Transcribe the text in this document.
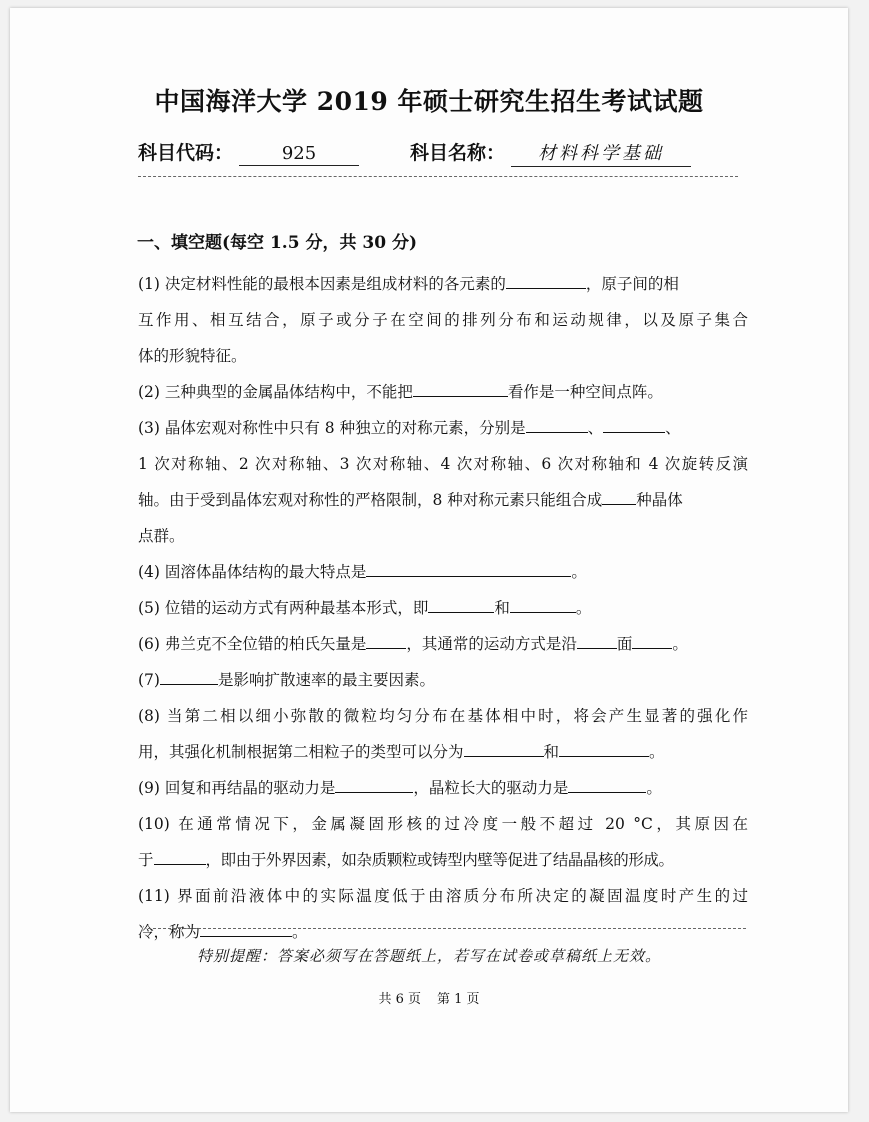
中国海洋大学 2019 年硕士研究生招生考试试题
科目代码：	925	科目名称： 材料科学基础
一、填空题(每空 1.5 分，共 30 分)
(1) 决定材料性能的最根本因素是组成材料的各元素的	，原子间的相
互作用、相互结合，原子或分子在空间的排列分布和运动规律，以及原子集合
体的形貌特征。
(2) 三种典型的金属晶体结构中，不能把	看作是一种空间点阵。
(3) 晶体宏观对称性中只有 8 种独立的对称元素，分别是	、	、
1 次对称轴、2 次对称轴、3 次对称轴、4 次对称轴、6 次对称轴和 4 次旋转反演
轴。由于受到晶体宏观对称性的严格限制，8 种对称元素只能组合成 种晶体
点群。
(4) 固溶体晶体结构的最大特点是	。
(5) 位错的运动方式有两种最基本形式，即	和	。
(6) 弗兰克不全位错的柏氏矢量是	，其通常的运动方式是沿	面	。
(7)	是影响扩散速率的最主要因素。
(8) 当第二相以细小弥散的微粒均匀分布在基体相中时，将会产生显著的强化作
用，其强化机制根据第二相粒子的类型可以分为	和	。
(9) 回复和再结晶的驱动力是	，晶粒长大的驱动力是	。
(10) 在通常情况下，金属凝固形核的过冷度一般不超过 20 °C，其原因在
于	，即由于外界因素，如杂质颗粒或铸型内壁等促进了结晶晶核的形成。
(11) 界面前沿液体中的实际温度低于由溶质分布所决定的凝固温度时产生的过
冷，称为	。
特别提醒：答案必须写在答题纸上，若写在试卷或草稿纸上无效。
共 6 页 第 1 页
